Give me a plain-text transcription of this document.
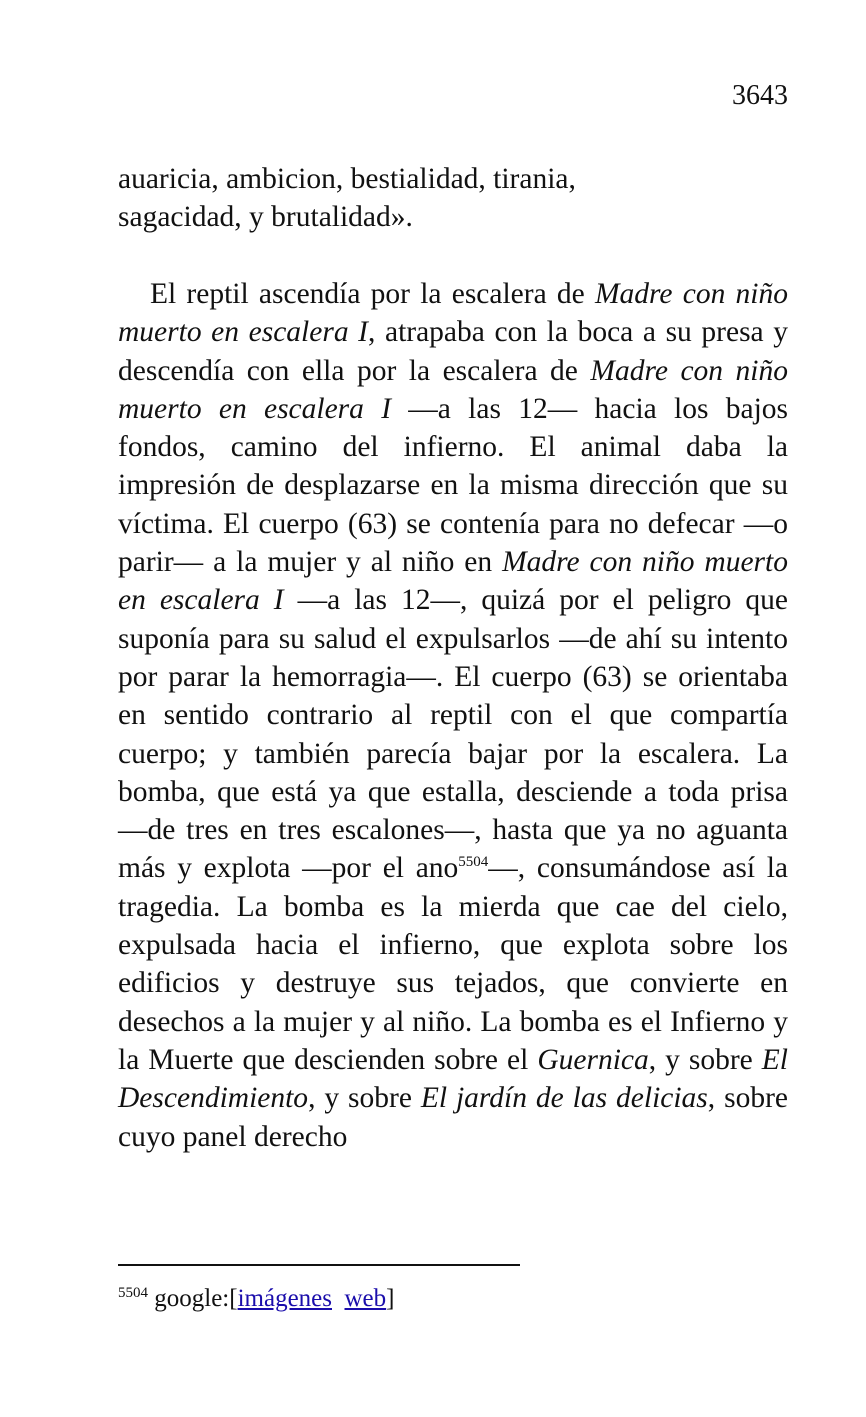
3643
auaricia, ambicion, bestialidad, tirania,
sagacidad, y brutalidad».
El reptil ascendía por la escalera de Madre con niño muerto en escalera I, atrapaba con la boca a su presa y descendía con ella por la escalera de Madre con niño muerto en escalera I —a las 12— hacia los bajos fondos, camino del infierno. El animal daba la impresión de desplazarse en la misma dirección que su víctima. El cuerpo (63) se contenía para no defecar —o parir— a la mujer y al niño en Madre con niño muerto en escalera I —a las 12—, quizá por el peligro que suponía para su salud el expulsarlos —de ahí su intento por parar la hemorragia—. El cuerpo (63) se orientaba en sentido contrario al reptil con el que compartía cuerpo; y también parecía bajar por la escalera. La bomba, que está ya que estalla, desciende a toda prisa —de tres en tres escalones—, hasta que ya no aguanta más y explota —por el ano$^{5504}$—, consumándose así la tragedia. La bomba es la mierda que cae del cielo, expulsada hacia el infierno, que explota sobre los edificios y destruye sus tejados, que convierte en desechos a la mujer y al niño. La bomba es el Infierno y la Muerte que descienden sobre el Guernica, y sobre El Descendimiento, y sobre El jardín de las delicias, sobre cuyo panel derecho
$^{5504}$ google:[imágenes web]
